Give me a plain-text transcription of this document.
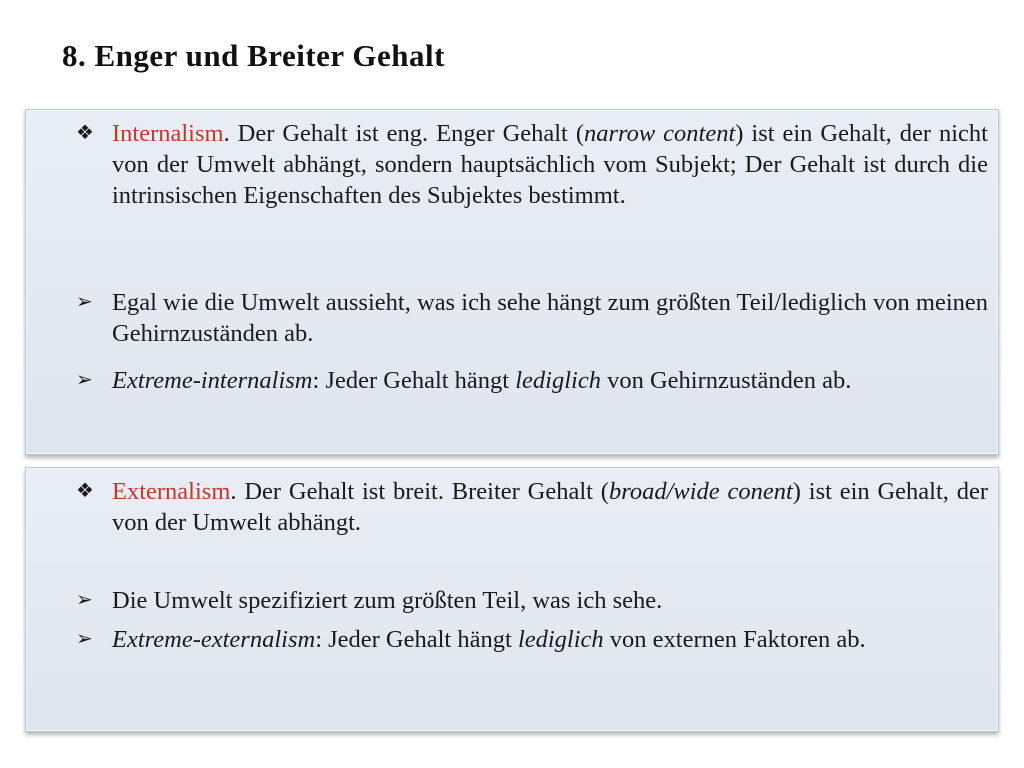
8. Enger und Breiter Gehalt
❖ Internalism. Der Gehalt ist eng. Enger Gehalt (narrow content) ist ein Gehalt, der nicht von der Umwelt abhängt, sondern hauptsächlich vom Subjekt; Der Gehalt ist durch die intrinsischen Eigenschaften des Subjektes bestimmt.
➢ Egal wie die Umwelt aussieht, was ich sehe hängt zum größten Teil/lediglich von meinen Gehirnzuständen ab.
➢ Extreme-internalism: Jeder Gehalt hängt lediglich von Gehirnzuständen ab.
❖ Externalism. Der Gehalt ist breit. Breiter Gehalt (broad/wide conent) ist ein Gehalt, der von der Umwelt abhängt.
➢ Die Umwelt spezifiziert zum größten Teil, was ich sehe.
➢ Extreme-externalism: Jeder Gehalt hängt lediglich von externen Faktoren ab.
